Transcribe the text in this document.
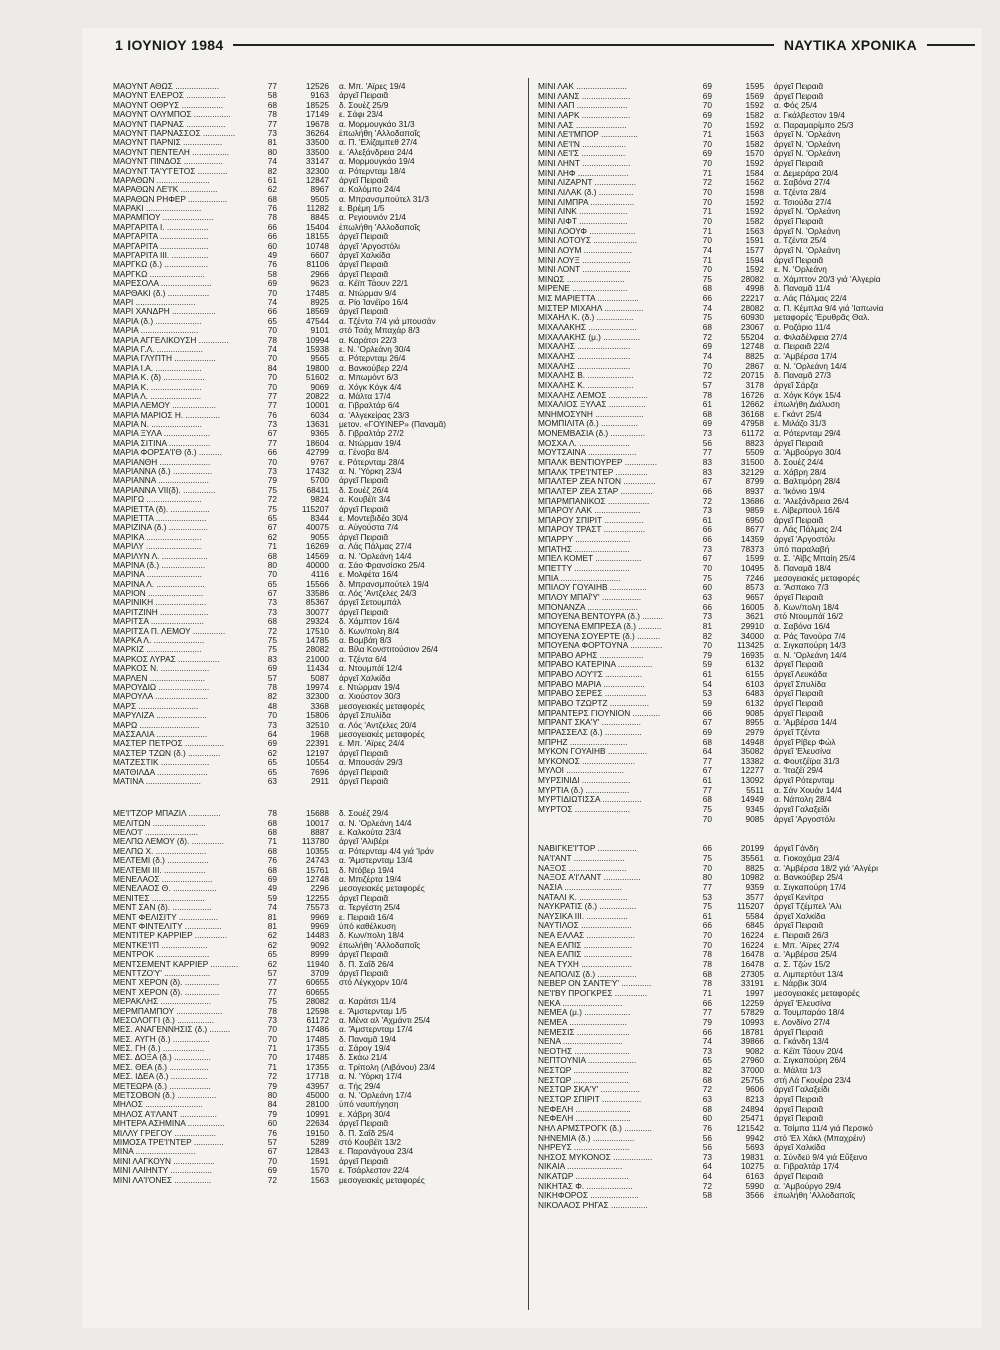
1 ΙΟΥΝΙΟΥ 1984	ΝΑΥΤΙΚΑ ΧΡΟΝΙΚΑ
ΜΑΟΥΝΤ ΑΘΩΣ ...................	77	12526 α. Μπ. 'Αϊρες 19/4
ΜΑΟΥΝΤ ΕΛΕΡΟΣ .................	58	9163 άργεῖ Πειραιᾶ
ΜΑΟΥΝΤ ΟΘΡΥΣ ..................	68	18525 δ. Σουέζ 25/9
ΜΑΟΥΝΤ ΟΛΥΜΠΟΣ ................	78	17149 ε. Σάφι 23/4
ΜΑΟΥΝΤ ΠΑΡΝΑΣ .................	77	19678 α. Μορμουγκάο 31/3
ΜΑΟΥΝΤ ΠΑΡΝΑΣΣΟΣ ..............	73	36264 ἐπωλήθη 'Αλλοδαποῖς
ΜΑΟΥΝΤ ΠΑΡΝΙΣ .................	81	33500 α. Π. 'Ελίζαμπεθ 27/4
ΜΑΟΥΝΤ ΠΕΝΤΕΛΗ ................	80	33500 ε. 'Αλεξάνδρεια 24/4
ΜΑΟΥΝΤ ΠΙΝΔΟΣ .................	74	33147 α. Μορμουγκάο 19/4
ΜΑΟΥΝΤ ΤΑ'Υ'ΓΕΤΟΣ .............	82	32300 α. Ρότερνταμ 18/4
ΜΑΡΑΘΩΝ .......................	61	12847 άργεῖ Πειραιᾶ
ΜΑΡΑΘΩΝ ΛΕ'Ι'Κ ................	62	8967 α. Κολόμπο 24/4
ΜΑΡΑΘΩΝ ΡΗΦΕΡ .................	68	9505 α. Μπρανσμπούτελ 31/3
ΜΑΡΑΚΙ ........................	76	11282 ε. Βρέμη 1/5
ΜΑΡΑΜΠΟΥ ......................	78	8845 α. Ρεγιουνιόν 21/4
ΜΑΡΓΑΡΙΤΑ Ι. ..................	66	15404 ἐπωλήθη 'Αλλοδαποῖς
ΜΑΡΓΑΡΙΤΑ .....................	66	18155 άργεῖ Πειραιᾶ
ΜΑΡΓΑΡΙΤΑ .....................	60	10748 άργεῖ 'Αργοστόλι
ΜΑΡΓΑΡΙΤΑ ΙΙΙ. ................	49	6607 άργεῖ Χαλκίδα
ΜΑΡΓΚΩ (δ.) ...................	76	81106 άργεῖ Πειραιᾶ
ΜΑΡΓΚΩ ........................	58	2966 άργεῖ Πειραιᾶ
ΜΑΡΕΣΟΛΑ ......................	69	9623 α. Κέϊπ Τάουν 22/1
ΜΑΡΘΑΚΙ (δ.) ..................	70	17485 α. Ντώρμαν 9/4
ΜΑΡΙ ..........................	74	8925 α. Ρίο Ίανέϊρο 16/4
ΜΑΡΙ ΧΑΝΔΡΗ ...................	66	18569 άργεῖ Πειραιᾶ
ΜΑΡΙΑ (δ.) ....................	65	47544 α. Τζέντα 7/4 γιά μπουσάν
ΜΑΡΙΑ .........................	70	9101 στό Τσάχ Μπαχάρ 8/3
ΜΑΡΙΑ ΑΓΓΕΛΙΚΟΥΣΗ .............	78	10994 α. Καράτσι 22/3
ΜΑΡΙΑ Γ.Λ. ....................	74	15938 ε. Ν. 'Ορλεάνη 30/4
ΜΑΡΙΑ ΓΛΥΠΤΗ ..................	70	9565 α. Ρότερνταμ 26/4
ΜΑΡΙΑ Ι.Α. ....................	84	19800 α. Βανκούβερ 22/4
ΜΑΡΙΑ Κ. (δ) ..................	70	51602 α. Μπωμόντ 6/3
ΜΑΡΙΑ Κ. ......................	70	9069 α. Χόγκ Κόγκ 4/4
ΜΑΡΙΑ Λ. ......................	77	20822 α. Μάλτα 17/4
ΜΑΡΙΑ ΛΕΜΟΥ ...................	77	10001 α. Γιβραλτάρ 6/4
ΜΑΡΙΑ ΜΑΡΙΟΣ Η. ...............	76	6034 α. 'Αλγεκείρας 23/3
ΜΑΡΙΑ Ν. ......................	73	13631 μετον. «ΓΟΥΙΝΕΡ» (Παναμᾶ)
ΜΑΡΙΑ ΞΥΛΑ ....................	67	9365 δ. Γιβραλτάρ 27/2
ΜΑΡΙΑ ΣΙΤΙΝΑ ..................	77	18604 α. Ντώρμαν 19/4
ΜΑΡΙΑ ΦΟΡΣΑ'Ι'Θ (δ.) ..........	66	42799 α. Γένοβα 8/4
ΜΑΡΙΑΝΘΗ ......................	70	9767 ε. Ρότερνταμ 28/4
ΜΑΡΙΑΝΝΑ (δ.) .................	73	17432 α. Ν. 'Υόρκη 23/4
ΜΑΡΙΑΝΝΑ ......................	79	5700 άργεῖ Πειραιᾶ
ΜΑΡΙΑΝΝΑ VII(δ). ..............	75	68411 δ. Σουέζ 26/4
ΜΑΡΙΓΩ ........................	72	9824 α. Κουβέϊτ 3/4
ΜΑΡΙΕΤΤΑ (δ). .................	75	115207 άργεῖ Πειραιᾶ
ΜΑΡΙΕΤΤΑ ......................	65	8344 ε. Μοντεβιδέο 30/4
ΜΑΡΙΖΙΝΑ (δ.) .................	67	40075 α. Αὐγούστα 7/4
ΜΑΡΙΚΑ ........................	62	9055 άργεῖ Πειραιᾶ
ΜΑΡΙΛΥ ........................	71	16269 α. Λάς Πάλμας 27/4
ΜΑΡΙΛΥΝ Λ. ....................	68	14569 α. Ν. 'Ορλεάνη 14/4
ΜΑΡΙΝΑ (δ.) ...................	80	40000 α. Σάο Φρανσίσκο 25/4
ΜΑΡΙΝΑ ........................	70	4116 ε. Μολφέτα 16/4
ΜΑΡΙΝΑ Λ. .....................	65	15566 δ. Μπρανσμπούτελ 19/4
ΜΑΡΙΟΝ ........................	67	33586 α. Λός 'Αντζελες 24/3
ΜΑΡΙΝΙΚΗ ......................	73	85367 άργεῖ Σετουμπάλ
ΜΑΡΙΤΖΙΝΗ .....................	73	30077 άργεῖ Πειραιᾶ
ΜΑΡΙΤΣΑ .......................	68	29324 δ. Χάμπτον 16/4
ΜΑΡΙΤΣΑ Π. ΛΕΜΟΥ ..............	72	17510 δ. Κων/πολη 8/4
ΜΑΡΚΑ Λ. ......................	75	14785 α. Βομβάη 8/3
ΜΑΡΚΙΖ ........................	75	28082 α. Βίλα Κονστιτούσιον 26/4
ΜΑΡΚΟΣ ΛΥΡΑΣ ..................	83	21000 α. Τζέντα 6/4
ΜΑΡΚΟΣ Ν. .....................	69	11434 α. Ντουμπάϊ 12/4
ΜΑΡΛΕΝ ........................	57	5087 άργεῖ Χαλκίδα
ΜΑΡΟΥΔΙΩ ......................	78	19974 ε. Ντώρμαν 19/4
ΜΑΡΟΥΛΑ .......................	82	32300 α. Χιούστον 30/3
ΜΑΡΣ ..........................	48	3368 μεσογειακές μεταφορές
ΜΑΡΥΛΙΖΑ ......................	70	15806 άργεῖ Σπυλίδα
ΜΑΡΩ ..........................	73	32510 α. Λός 'Αντζελες 20/4
ΜΑΣΣΑΛΙΑ ......................	64	1968 μεσογειακές μεταφορές
ΜΑΣΤΕΡ ΠΕΤΡΟΣ .................	69	22391 ε. Μπ. 'Αϊρες 24/4
ΜΑΣΤΕΡ ΤΖΩΝ (δ.) ..............	62	12197 άργεῖ Πειραιᾶ
ΜΑΤΖΕΣΤΙΚ .....................	65	10554 α. Μπουσάν 29/3
ΜΑΤΘΙΛΔΑ ......................	65	7696 άργεῖ Πειραιᾶ
ΜΑΤΙΝΑ ........................	63	2911 άργεῖ Πειραιᾶ
ΜΕ'Ι'ΤΖΟΡ ΜΠΑΖΙΛ ..............	78	15688 δ. Σουέζ 29/4
ΜΕΛΙΤΩΝ .......................	68	10017 α. Ν. 'Ορλεάνη 14/4
ΜΕΛΟ'Ι' .......................	68	8887 ε. Καλκούτα 23/4
ΜΕΛΠΩ ΛΕΜΟΥ (δ). ..............	71	113780 άργεῖ 'Αλιβέρι
ΜΕΛΠΩ Χ. ......................	68	10355 α. Ρότερνταμ 4/4 γιά 'Ιράν
ΜΕΛΤΕΜΙ (δ.) ..................	76	24743 α. 'Άμστερνταμ 13/4
ΜΕΛΤΕΜΙ ΙΙΙ. ..................	68	15761 δ. Ντόβερ 19/4
ΜΕΝΕΛΑΟΣ ......................	69	12748 α. Μπιζέρτα 19/4
ΜΕΝΕΛΑΟΣ Θ. ...................	49	2296 μεσογειακές μεταφορές
ΜΕΝΙΤΕΣ .......................	59	12255 άργεῖ Πειραιᾶ
ΜΕΝΤ ΣΑΝ (δ). .................	74	75573 α. Τεργέστη 25/4
ΜΕΝΤ ΦΕΛΙΣΙΤΥ .................	81	9969 ε. Πειραιᾶ 16/4
ΜΕΝΤ ΦΙΝΤΕΛΙΤΥ ................	81	9969 ὑπό καθέλκυση
ΜΕΝΤΙΤΕΡ ΚΑΡΡΙΕΡ ..............	62	14483 δ. Κων/πολη 18/4
ΜΕΝΤΚΕ'Ι'Π ....................	62	9092 ἐπωλήθη 'Αλλοδαποῖς
ΜΕΝΤΡΟΚ .......................	65	8999 άργεῖ Πειραιᾶ
ΜΕΝΤΣΕΜΕΝΤ ΚΑΡΡΙΕΡ ............	62	11940 δ. Π. Σαΐδ 26/4
ΜΕΝΤΤΖΟ'Υ' ....................	57	3709 άργεῖ Πειραιᾶ
ΜΕΝΤ ΧΕΡΟΝ (δ). ...............	77	60655 στό Λέγκχορν 10/4
ΜΕΝΤ ΧΕΡΟΝ (δ). ...............	77	60655
ΜΕΡΑΚΛΗΣ ......................	75	28082 α. Καράτσι 11/4
ΜΕΡΜΠΑΜΠΟΥ ....................	78	12598 ε. 'Άμστερνταμ 1/5
ΜΕΣΟΛΟΓΓΙ (δ.) ................	73	61172 α. Μένα αλ 'Αχμάντι 25/4
ΜΕΣ. ΑΝΑΓΕΝΝΗΣΙΣ (δ.) .........	70	17486 α. 'Άμστερνταμ 17/4
ΜΕΣ. ΑΥΓΗ (δ.) ................	70	17485 δ. Παναμᾶ 19/4
ΜΕΣ. ΓΗ (δ.) ..................	71	17355 α. Σάρογ 19/4
ΜΕΣ. ΔΟΞΑ (δ.) ................	70	17485 δ. Σκάω 21/4
ΜΕΣ. ΘΕΑ (δ.) .................	71	17355 α. Τρίπολη (Λιβάνου) 23/4
ΜΕΣ. ΙΔΕΑ (δ.) ................	72	17718 α. Ν. 'Υόρκη 17/4
ΜΕΤΕΩΡΑ (δ.) ..................	79	43957 α. Τής 29/4
ΜΕΤΣΟΒΟΝ (δ.) .................	80	45000 α. Ν. 'Ορλεάνη 17/4
ΜΗΛΟΣ .........................	84	28100 ὑπό ναυπήγηση
ΜΗΛΟΣ Α'Ι'ΛΑΝΤ ................	79	10991 ε. Χάβρη 30/4
ΜΗΤΕΡΑ ΑΣΗΜΙΝΑ ................	60	22634 άργεῖ Πειραιᾶ
ΜΙΛΛΥ ΓΡΕΓΟΥ ..................	76	19150 δ. Π. Σαΐδ 25/4
ΜΙΜΟΣΑ ΤΡΕ'Ι'ΝΤΕΡ .............	57	5289 στό Κουβέϊτ 13/2
ΜΙΝΑ ..........................	67	12843 ε. Παρανάγουα 23/4
ΜΙΝΙ ΛΑΓΚΟΥΝ ..................	70	1591 άργεῖ Πειραιᾶ
ΜΙΝΙ ΛΑΙΗΝΤΥ ..................	69	1570 ε. Τσάρλεστον 22/4
ΜΙΝΙ ΛΑ'Ι'ΟΝΕΣ ................	72	1563 μεσογειακές μεταφορές
ΜΙΝΙ ΛΑΚ ......................	69	1595 άργεῖ Πειραιᾶ
ΜΙΝΙ ΛΑΝΣ .....................	69	1569 άργεῖ Πειραιᾶ
ΜΙΝΙ ΛΑΠ ......................	70	1592 α. Φός 25/4
ΜΙΝΙ ΛΑΡΚ .....................	69	1582 α. Γκάλβεστον 19/4
ΜΙΝΙ ΛΑΣ ......................	70	1592 α. Παραμαρίμπο 25/3
ΜΙΝΙ ΛΕ'Ι'ΜΠΟΡ ................	71	1563 άργεῖ Ν. 'Ορλεάνη
ΜΙΝΙ ΛΕ'Ι'Ν ...................	70	1582 άργεῖ Ν. 'Ορλεάνη
ΜΙΝΙ ΛΕ'Ι'Σ ...................	69	1570 άργεῖ Ν. 'Ορλεάνη
ΜΙΝΙ ΛΗΝΤ .....................	70	1592 άργεῖ Πειραιᾶ
ΜΙΝΙ ΛΗΦ ......................	71	1584 α. Δεμεράρα 20/4
ΜΙΝΙ ΛΙΖΑΡΝΤ ..................	72	1562 α. Σαβόνα 27/4
ΜΙΝΙ ΛΙΛΑΚ (δ.) ...............	70	1598 α. Τζέντα 28/4
ΜΙΝΙ ΛΙΜΠΡΑ ...................	70	1592 α. Τσιούδα 27/4
ΜΙΝΙ ΛΙΝΚ .....................	71	1592 άργεῖ Ν. 'Ορλεάνη
ΜΙΝΙ ΛΙΦΤ .....................	70	1582 άργεῖ Πειραιᾶ
ΜΙΝΙ ΛΟΟΥΦ ....................	71	1563 άργεῖ Ν. 'Ορλεάνη
ΜΙΝΙ ΛΟΤΟΥΣ ...................	70	1591 α. Τζέντα 25/4
ΜΙΝΙ ΛΟΥΜ .....................	74	1577 άργεῖ Ν. 'Ορλεάνη
ΜΙΝΙ ΛΟΥΞ .....................	71	1594 άργεῖ Πειραιᾶ
ΜΙΝΙ ΛΟΝΤ .....................	70	1592 ε. Ν. 'Ορλεάνη
ΜΙΝΩΣ .........................	75	28082 α. Χάμπτον 20/3 γιά 'Αλγερία
ΜΙΡΕΝΕ ........................	68	4998 δ. Παναμᾶ 11/4
ΜΙΣ ΜΑΡΙΕΤΤΑ ..................	66	22217 α. Λάς Πάλμας 22/4
ΜΙΣΤΕΡ ΜΙΧΑΗΛ .................	74	28082 α. Π. Κέμπλα 9/4 γιά 'Ιαπωνία
ΜΙΧΑΗΛ Κ. (δ.) ................	75	60930 μεταφορές 'Ερυθρᾶς Θαλ.
ΜΙΧΑΛΑΚΗΣ .....................	68	23067 α. Ροζάριο 11/4
ΜΙΧΑΛΑΚΗΣ (μ.) ................	72	55204 α. Φιλαδέλφεια 27/4
ΜΙΧΑΛΗΣ .......................	69	12748 α. Πειραιᾶ 22/4
ΜΙΧΑΛΗΣ .......................	74	8825 α. 'Αμβέρσα 17/4
ΜΙΧΑΛΗΣ .......................	70	2867 α. Ν. 'Ορλεάνη 14/4
ΜΙΧΑΛΗΣ Β. ....................	72	20715 δ. Παναμᾶ 27/3
ΜΙΧΑΛΗΣ Κ. ....................	57	3178 άργεῖ Σάρζα
ΜΙΧΑΛΗΣ ΛΕΜΟΣ .................	78	16726 α. Χόγκ Κόγκ 15/4
ΜΙΧΑΛΙΟΣ ΞΥΛΑΣ ................	61	12662 ἐπωλήθη Διάλυση
ΜΝΗΜΟΣΥΝΗ .....................	68	36168 ε. Γκάντ 25/4
ΜΟΜΠΙΛΙΤΑ (δ.) ................	69	47958 ε. Μιλάζο 31/3
ΜΟΝΕΜΒΑΣΙΑ (δ.) ...............	73	61172 α. Ρότερνταμ 29/4
ΜΟΣΧΑ Λ. ......................	56	8823 άργεῖ Πειραιᾶ
ΜΟΥΤΣΑΙΝΑ .....................	77	5509 α. 'Αμβούργο 30/4
ΜΠΑΛΚ ΒΕΝΤΙΟΥΡΕΡ ..............	83	31500 δ. Σουέζ 24/4
ΜΠΑΛΚ ΤΡΕ'Ι'ΝΤΕΡ ..............	83	32129 α. Χάβρη 28/4
ΜΠΑΛΤΕΡ ΖΕΑ ΝΤΟΝ ..............	67	8799 α. Βαλτιμόρη 28/4
ΜΠΑΛΤΕΡ ΖΕΑ ΣΤΑΡ ..............	66	8937 α. 'Ικόνιο 19/4
ΜΠΑΡΜΠΑΝΙΚΟΣ ..................	72	13686 α. 'Αλεξάνδρεια 26/4
ΜΠΑΡΟΥ ΛΑΚ ....................	73	9859 ε. Λίβερπουλ 16/4
ΜΠΑΡΟΥ ΣΠΙΡΙΤ .................	61	6950 άργεῖ Πειραιᾶ
ΜΠΑΡΟΥ ΤΡΑΣΤ ..................	66	8677 α. Λάς Πάλμας 2/4
ΜΠΑΡΡΥ ........................	66	14359 άργεῖ 'Αργοστόλι
ΜΠΑΤΗΣ ........................	73	78373 ὑπό παραλαβή
ΜΠΕΛ ΚΟΜΕΤ ....................	67	1599 α. Σ. 'Αϊβς Μπαίη 25/4
ΜΠΕΤΤΥ ........................	70	10495 δ. Παναμᾶ 18/4
ΜΠΙΑ ..........................	75	7246 μεσογειακές μεταφορές
ΜΠΙΛΟΥ ΓΟΥΑΙΗΒ ................	60	8573 α. 'Άσπακο 7/3
ΜΠΛΟΥ ΜΠΑΪ'Υ' .................	63	9657 άργεῖ Πειραιᾶ
ΜΠΟΝΑΝΖΑ ......................	66	16005 δ. Κων/πολη 18/4
ΜΠΟΥΕΝΑ ΒΕΝΤΟΥΡΑ (δ.) .........	73	3621 στό Ντουμπάϊ 16/2
ΜΠΟΥΕΝΑ ΕΜΠΡΕΣΑ (δ.) ..........	81	29910 α. Σαβόνα 16/4
ΜΠΟΥΕΝΑ ΣΟΥΕΡΤΕ (δ.) ..........	82	34000 α. Ράς Τανούρα 7/4
ΜΠΟΥΕΝΑ ΦΟΡΤΟΥΝΑ ..............	70	113425 α. Σιγκαπούρη 14/3
ΜΠΡΑΒΟ ΑΡΗΣ ...................	79	16935 α. Ν. 'Ορλεάνη 14/4
ΜΠΡΑΒΟ ΚΑΤΕΡΙΝΑ ...............	59	6132 άργεῖ Πειραιᾶ
ΜΠΡΑΒΟ ΛΟΥ'Ι'Σ ................	61	6155 άργεῖ Λευκάδα
ΜΠΡΑΒΟ ΜΑΡΙΑ ..................	54	6103 άργεῖ Σπυλίδα
ΜΠΡΑΒΟ ΣΕΡΕΣ ..................	53	6483 άργεῖ Πειραιᾶ
ΜΠΡΑΒΟ ΤΖΩΡΤΖ .................	59	6132 άργεῖ Πειραιᾶ
ΜΠΡΑΝΤΕΡΣ ΓΙΟΥΝΙΟΝ ............	66	9085 άργεῖ Πειραιᾶ
ΜΠΡΑΝΤ ΣΚΑ'Υ' .................	67	8955 α. 'Αμβέρσα 14/4
ΜΠΡΑΣΣΕΛΣ (δ.) ................	69	2979 άργεῖ Τζέντα
ΜΠΡΗΖ .........................	68	14948 άργεῖ Ρίβερ Φώλ
ΜΥΚΟΝ ΓΟΥΑΙΗΒ .................	64	35082 άργεῖ 'Ελευσίνα
ΜΥΚΟΝΟΣ .......................	77	13382 α. Φουτζέϊρα 31/3
ΜΥΛΟΙ .........................	67	12277 α. 'Ιταζέϊ 29/4
ΜΥΡΣΙΝΙΔΙ .....................	61	13092 άργεῖ Ρότερνταμ
ΜΥΡΤΙΑ (δ.) ...................	77	5511 α. Σάν Χουάν 14/4
ΜΥΡΤΙΔΙΩΤΙΣΣΑ .................	68	14949 α. Νάπολη 28/4
ΜΥΡΤΟΣ ........................	75	9345 άργεῖ Γαλαξείδι
70	9085 άργεῖ 'Αργοστόλι
ΝΑΒΙΓΚΕ'Ι'ΤΟΡ .................	66	20199 άργεῖ Γάνδη
ΝΑ'Ι'ΑΝΤ ......................	75	35561 α. Γιοκοχάμα 23/4
ΝΑΞΟΣ .........................	70	8825 α. 'Αμβέρσα 18/2 γιά 'Αλγέρι
ΝΑΞΟΣ Α'Ι'ΛΑΝΤ ................	80	10982 α. Βανκούβερ 25/4
ΝΑΣΙΑ .........................	77	9359 α. Σιγκαπούρη 17/4
ΝΑΤΑΛΙ Κ. .....................	53	3577 άργεῖ Κενίτρα
ΝΑΥΚΡΑΤΙΣ (δ.) ................	75	115207 άργεῖ Τζέμπελ 'Αλι
ΝΑΥΣΙΚΑ ΙΙΙ. ..................	61	5584 άργεῖ Χαλκίδα
ΝΑΥΤΙΛΟΣ ......................	66	6845 άργεῖ Πειραιᾶ
ΝΕΑ ΕΛΛΑΣ .....................	70	16224 ε. Πειραιᾶ 26/3
ΝΕΑ ΕΛΠΙΣ .....................	70	16224 ε. Μπ. 'Αϊρες 27/4
ΝΕΑ ΕΛΠΙΣ .....................	78	16478 α. 'Αμβέρσα 25/4
ΝΕΑ ΤΥΧΗ ......................	78	16478 α. Σ. Τζών 15/2
ΝΕΑΠΟΛΙΣ (δ.) .................	68	27305 α. Λιμπερτόυτ 13/4
ΝΕΒΕΡ ΟΝ ΣΑΝΤΕ'Υ' .............	78	33191 ε. Νάρβικ 30/4
ΝΕ'Ι'ΒΥ ΠΡΟΓΚΡΕΣ ..............	71	1997 μεσογειακές μεταφορές
ΝΕΚΑ ..........................	66	12259 άργεῖ 'Ελευσίνα
ΝΕΜΕΑ (μ.) ....................	77	57829 α. Τουμπαράο 18/4
ΝΕΜΕΑ .........................	79	10993 ε. Λονδίνο 27/4
ΝΕΜΕΣΙΣ .......................	66	18781 άργεῖ Πειραιᾶ
ΝΕΝΑ ..........................	74	39866 α. Γκάνδη 13/4
ΝΕΟΤΗΣ ........................	73	9082 α. Κέϊπ Τάουν 20/4
ΝΕΠΤΟΥΝΙΑ .....................	65	27960 α. Σιγκαπούρη 26/4
ΝΕΣΤΩΡ ........................	82	37000 α. Μάλτα 1/3
ΝΕΣΤΩΡ ........................	68	25755 στή Λά Γκουέρα 23/4
ΝΕΣΤΩΡ ΣΚΑ'Υ' .................	72	9606 άργεῖ Γαλαξείδι
ΝΕΣΤΩΡ ΣΠΙΡΙΤ .................	63	8213 άργεῖ Πειραιᾶ
ΝΕΦΕΛΗ ........................	68	24894 άργεῖ Πειραιᾶ
ΝΕΦΕΛΗ ........................	60	25471 άργεῖ Πειραιᾶ
ΝΗΛ ΑΡΜΣΤΡΟΓΚ (δ.) ............	76	121542 α. Τσίμπα 11/4 γιά Περσικό
ΝΗΝΕΜΙΑ (δ.) ..................	56	9942 στό 'Ελ Χάκλ (Μπαχρέιν)
ΝΗΡΕΥΣ ........................	56	5693 άργεῖ Χαλκίδα
ΝΗΣΟΣ ΜΥΚΟΝΟΣ .................	73	19831 α. Σύνδεϋ 9/4 γιά Εὔξεινο
ΝΙΚΑΙΑ ........................	64	10275 α. Γιβραλτάρ 17/4
ΝΙΚΑΤΩΡ .......................	64	6163 άργεῖ Πειραιᾶ
ΝΙΚΗΤΑΣ Φ. ....................	72	5990 α. 'Αμβούργο 29/4
ΝΙΚΗΦΟΡΟΣ .....................	58	3566 ἐπωλήθη 'Αλλοδαποῖς
ΝΙΚΟΛΑΟΣ ΡΗΓΑΣ ................
